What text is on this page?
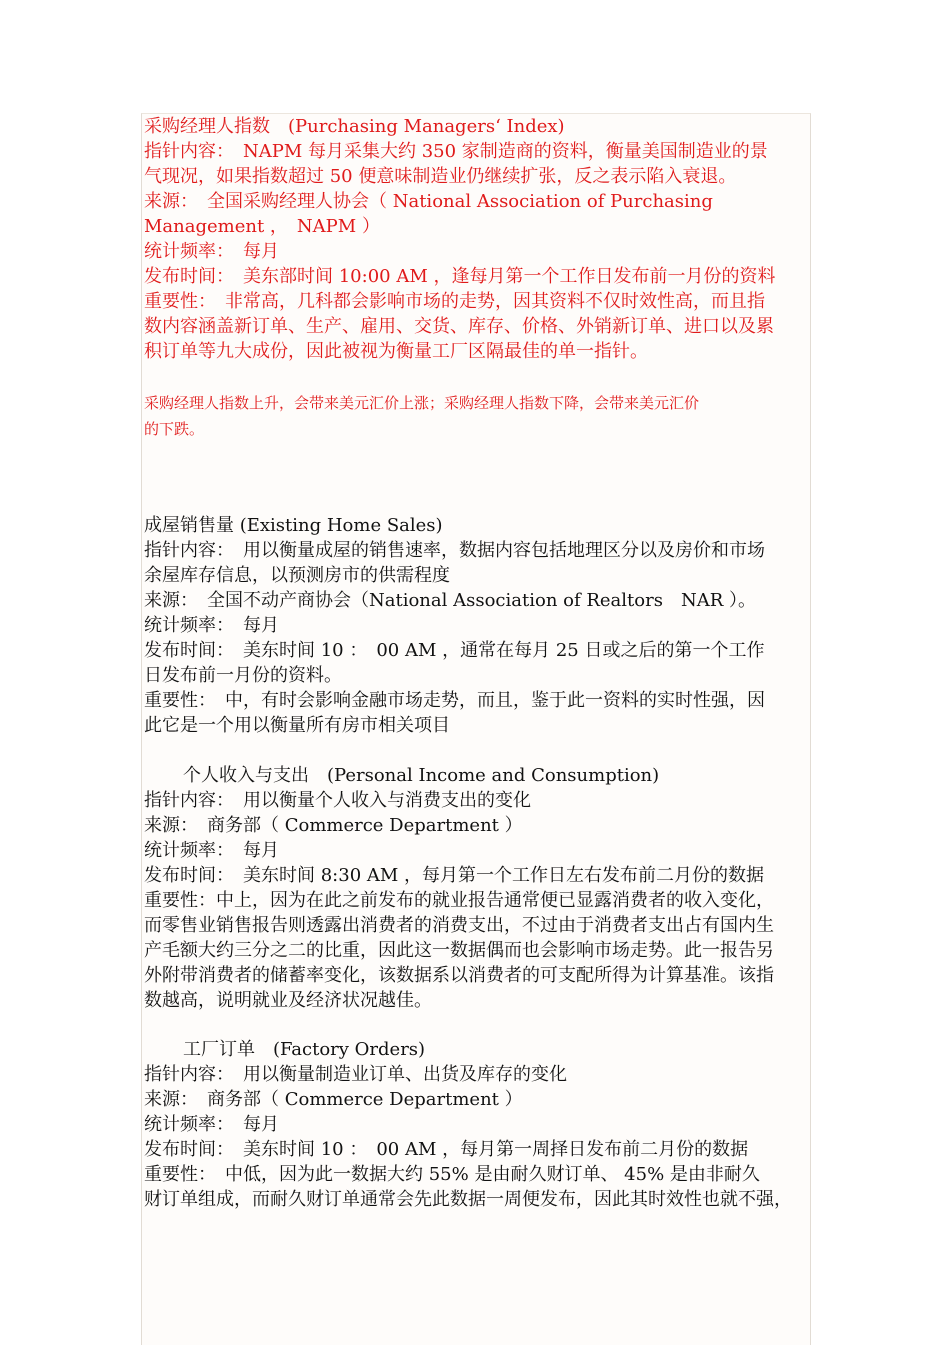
采购经理人指数　(Purchasing Managers‘ Index)
指针内容：　NAPM 每月采集大约 350 家制造商的资料，衡量美国制造业的景
气现况，如果指数超过 50 便意味制造业仍继续扩张，反之表示陷入衰退。
来源：　全国采购经理人协会（ National Association of Purchasing
Management ，　NAPM ）
统计频率：　每月
发布时间：　美东部时间 10:00 AM ，逢每月第一个工作日发布前一月份的资料
重要性：　非常高，几科都会影响市场的走势，因其资料不仅时效性高，而且指
数内容涵盖新订单、生产、雇用、交货、库存、价格、外销新订单、进口以及累
积订单等九大成份，因此被视为衡量工厂区隔最佳的单一指针。
采购经理人指数上升，会带来美元汇价上涨；采购经理人指数下降，会带来美元汇价
的下跌。
成屋销售量 (Existing Home Sales)
指针内容：　用以衡量成屋的销售速率，数据内容包括地理区分以及房价和市场
余屋库存信息，以预测房市的供需程度
来源：　全国不动产商协会（National Association of Realtors　NAR ）。
统计频率：　每月
发布时间：　美东时间 10 ：　00 AM ，通常在每月 25 日或之后的第一个工作
日发布前一月份的资料。
重要性：　中，有时会影响金融市场走势，而且，鉴于此一资料的实时性强，因
此它是一个用以衡量所有房市相关项目
个人收入与支出　(Personal Income and Consumption)
指针内容：　用以衡量个人收入与消费支出的变化
来源：　商务部（ Commerce Department ）
统计频率：　每月
发布时间：　美东时间 8:30 AM ，每月第一个工作日左右发布前二月份的数据
重要性：中上，因为在此之前发布的就业报告通常便已显露消费者的收入变化，
而零售业销售报告则透露出消费者的消费支出，不过由于消费者支出占有国内生
产毛额大约三分之二的比重，因此这一数据偶而也会影响市场走势。此一报告另
外附带消费者的储蓄率变化，该数据系以消费者的可支配所得为计算基准。该指
数越高，说明就业及经济状况越佳。
工厂订单　(Factory Orders)
指针内容：　用以衡量制造业订单、出货及库存的变化
来源：　商务部（ Commerce Department ）
统计频率：　每月
发布时间：　美东时间 10 ：　00 AM ，每月第一周择日发布前二月份的数据
重要性：　中低，因为此一数据大约 55% 是由耐久财订单、 45% 是由非耐久
财订单组成，而耐久财订单通常会先此数据一周便发布，因此其时效性也就不强，
